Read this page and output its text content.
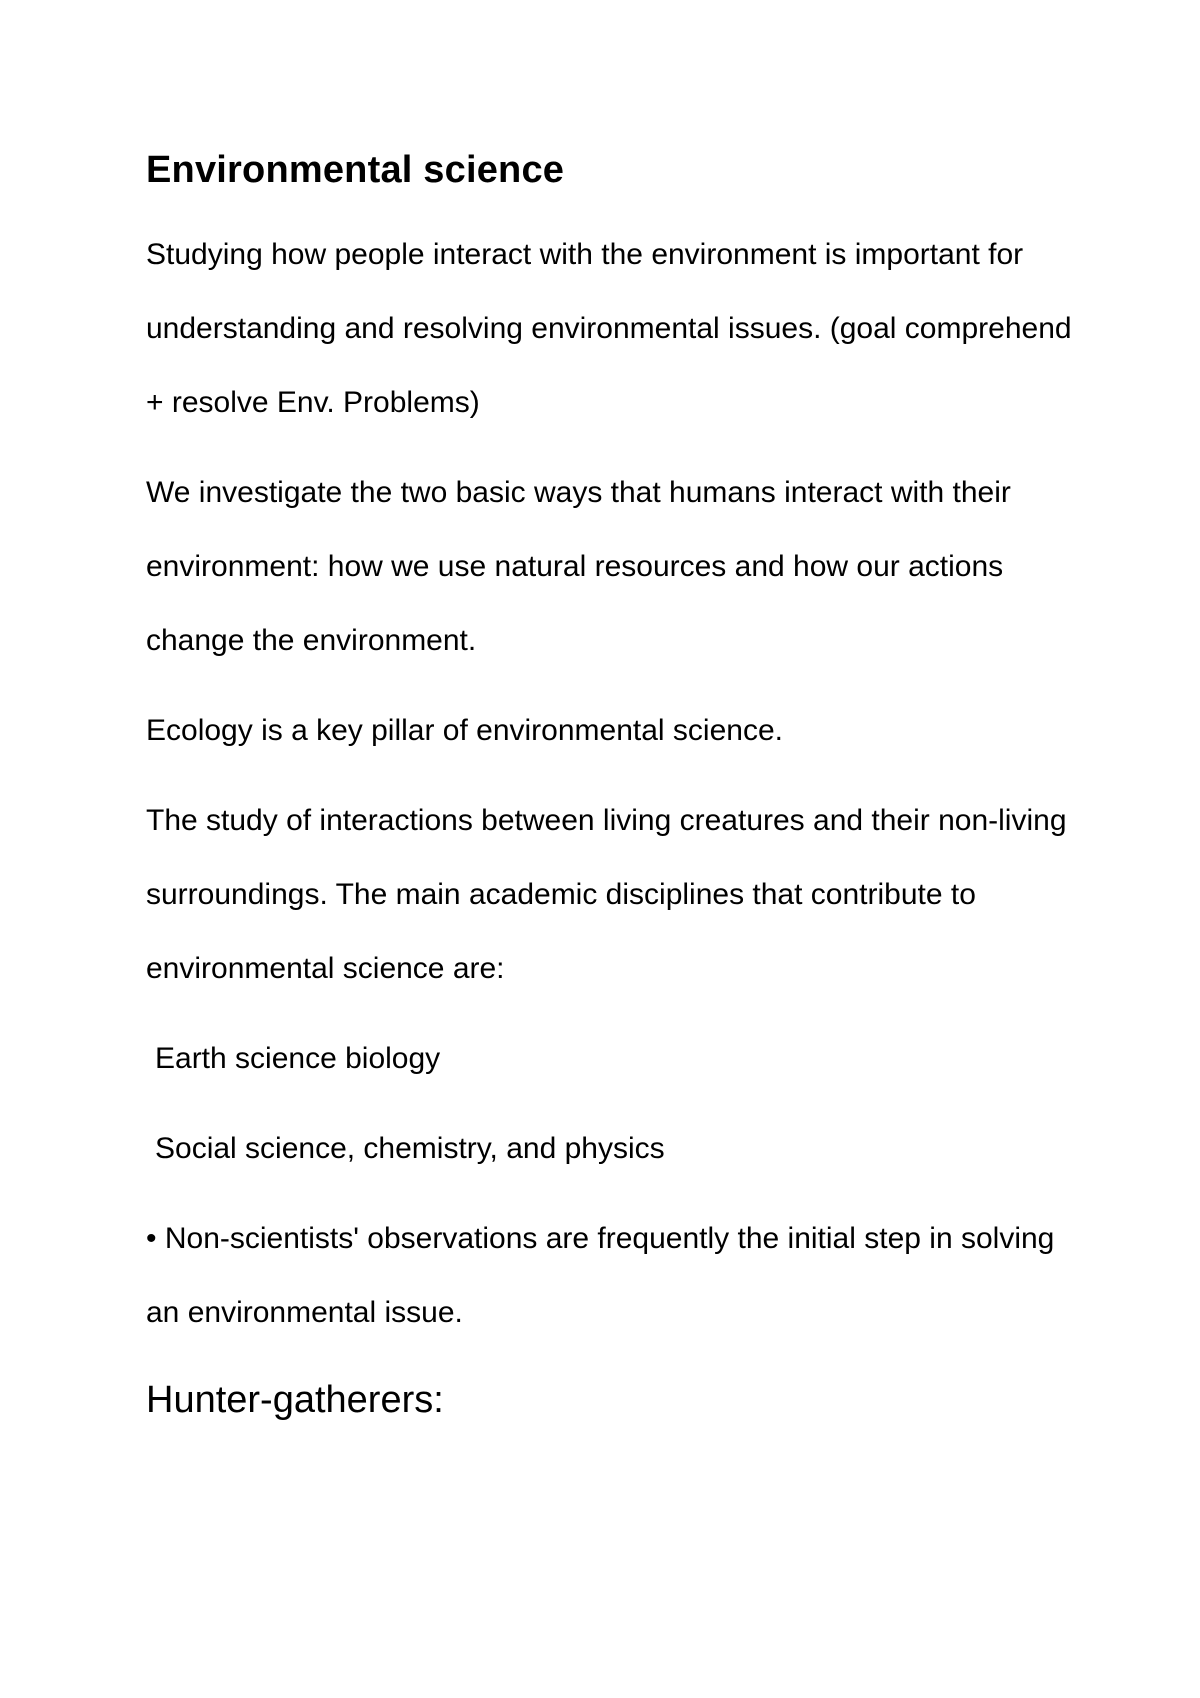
Environmental science

Studying how people interact with the environment is important for understanding and resolving environmental issues. (goal comprehend + resolve Env. Problems)

We investigate the two basic ways that humans interact with their environment: how we use natural resources and how our actions change the environment.

Ecology is a key pillar of environmental science.

The study of interactions between living creatures and their non-living surroundings. The main academic disciplines that contribute to environmental science are:

Earth science biology

Social science, chemistry, and physics

• Non-scientists' observations are frequently the initial step in solving an environmental issue.

Hunter-gatherers:
